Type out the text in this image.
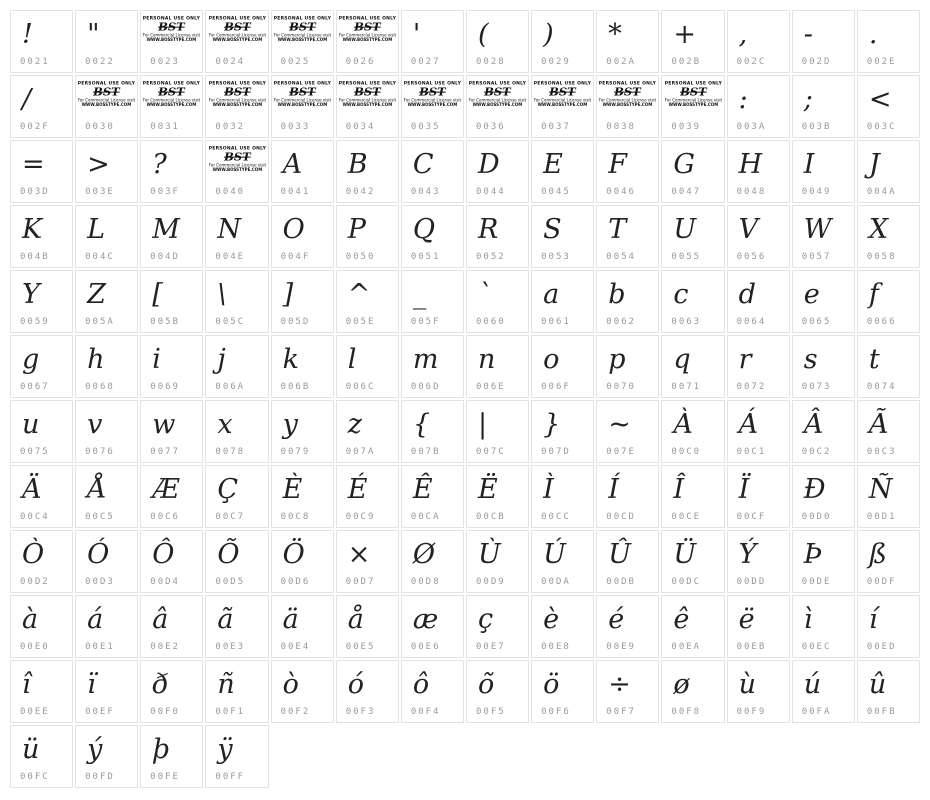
!
0021
"
0022
PERSONAL USE ONLY
BST
For Commercial License visit
WWW.BOSSTYPE.COM
0023
PERSONAL USE ONLY
BST
For Commercial License visit
WWW.BOSSTYPE.COM
0024
PERSONAL USE ONLY
BST
For Commercial License visit
WWW.BOSSTYPE.COM
0025
PERSONAL USE ONLY
BST
For Commercial License visit
WWW.BOSSTYPE.COM
0026
'
0027
(
0028
)
0029
*
002A
+
002B
,
002C
-
002D
.
002E
/
002F
PERSONAL USE ONLY
BST
For Commercial License visit
WWW.BOSSTYPE.COM
0030
PERSONAL USE ONLY
BST
For Commercial License visit
WWW.BOSSTYPE.COM
0031
PERSONAL USE ONLY
BST
For Commercial License visit
WWW.BOSSTYPE.COM
0032
PERSONAL USE ONLY
BST
For Commercial License visit
WWW.BOSSTYPE.COM
0033
PERSONAL USE ONLY
BST
For Commercial License visit
WWW.BOSSTYPE.COM
0034
PERSONAL USE ONLY
BST
For Commercial License visit
WWW.BOSSTYPE.COM
0035
PERSONAL USE ONLY
BST
For Commercial License visit
WWW.BOSSTYPE.COM
0036
PERSONAL USE ONLY
BST
For Commercial License visit
WWW.BOSSTYPE.COM
0037
PERSONAL USE ONLY
BST
For Commercial License visit
WWW.BOSSTYPE.COM
0038
PERSONAL USE ONLY
BST
For Commercial License visit
WWW.BOSSTYPE.COM
0039
:
003A
;
003B
<
003C
=
003D
>
003E
?
003F
PERSONAL USE ONLY
BST
For Commercial License visit
WWW.BOSSTYPE.COM
0040
A
0041
B
0042
C
0043
D
0044
E
0045
F
0046
G
0047
H
0048
I
0049
J
004A
K
004B
L
004C
M
004D
N
004E
O
004F
P
0050
Q
0051
R
0052
S
0053
T
0054
U
0055
V
0056
W
0057
X
0058
Y
0059
Z
005A
[
005B
\
005C
]
005D
^
005E
_
005F
`
0060
a
0061
b
0062
c
0063
d
0064
e
0065
f
0066
g
0067
h
0068
i
0069
j
006A
k
006B
l
006C
m
006D
n
006E
o
006F
p
0070
q
0071
r
0072
s
0073
t
0074
u
0075
v
0076
w
0077
x
0078
y
0079
z
007A
{
007B
|
007C
}
007D
~
007E
À
00C0
Á
00C1
Â
00C2
Ã
00C3
Ä
00C4
Å
00C5
Æ
00C6
Ç
00C7
È
00C8
É
00C9
Ê
00CA
Ë
00CB
Ì
00CC
Í
00CD
Î
00CE
Ï
00CF
Ð
00D0
Ñ
00D1
Ò
00D2
Ó
00D3
Ô
00D4
Õ
00D5
Ö
00D6
×
00D7
Ø
00D8
Ù
00D9
Ú
00DA
Û
00DB
Ü
00DC
Ý
00DD
Þ
00DE
ß
00DF
à
00E0
á
00E1
â
00E2
ã
00E3
ä
00E4
å
00E5
æ
00E6
ç
00E7
è
00E8
é
00E9
ê
00EA
ë
00EB
ì
00EC
í
00ED
î
00EE
ï
00EF
ð
00F0
ñ
00F1
ò
00F2
ó
00F3
ô
00F4
õ
00F5
ö
00F6
÷
00F7
ø
00F8
ù
00F9
ú
00FA
û
00FB
ü
00FC
ý
00FD
þ
00FE
ÿ
00FF
